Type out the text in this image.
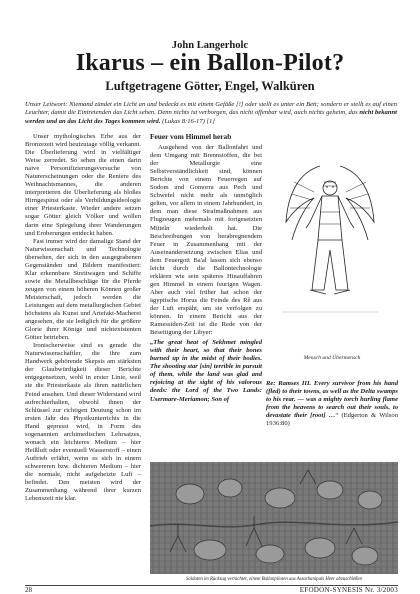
John Langerholc
Ikarus – ein Ballon-Pilot?
Luftgetragene Götter, Engel, Walküren
Unser Leitwort: Niemand zündet ein Licht an und bedeckt es mit einem Gefäße [!] oder stellt es unter ein Bett; sondern er stellt es auf einen Leuchter, damit die Eintretenden das Licht sehen. Denn nichts ist verborgen, das nicht offenbar wird, auch nichts geheim, das nicht bekannt werden und an das Licht des Tages kommen wird. (Lukas 8:16-17) [1]

Unser mythologisches Erbe aus der Bronzezeit wird heutzutage völlig verkannt. Die Überlieferung wird in vielfältiger Weise zerredet. So sehen die einen darin naive Personifizierungsversuche von Naturerscheinungen oder die Reniere des Weihnachtsmannes, die anderen interpretieren die Überlieferung als bloßes Hirngespinst oder als Verbildungsideologie einer Priesterkaste. Wieder andere setzen sogar Götter gleich Völker und wollen darin eine Spiegelung ihrer Wanderungen und Eroberungen entdeckt haben.

Fast immer wird der damalige Stand der Naturwissenschaft und Technologie übersehen, der sich in den ausgegrabenen Gegenständen und Bildern manifestiert: Klar erkennbare Streitwagen und Schiffe sowie die Metallbeschläge für die Pferde zeugen von einem höheren Können großer Meisterschaft, jedoch werden die Leistungen auf dem metallurgischen Gebiet höchstens als Kunst und Artefakt-Macherei angesehen, die sie lediglich für die größere Glorie ihrer Könige und nichtexistenten Götter betrieben.

Ironischerweise sind es gerade die Naturwissenschaftler, die ihre zum Handwerk gehörende Skepsis am stärksten der Glaubwürdigkeit dieser Berichte entgegensetzen, wohl in erster Linie, weil sie die Priesterkaste als ihren natürlichen Feind ansehen. Und dieser Widerstand wird aufrechterhalten, obwohl ihnen der Schlüssel zur richtigen Deutung schon im ersten Jahr des Physikunterrichts in die Hand gepresst wird, in Form des sogenannten archimedischen Lehrsatzes, wonach ein leichteres Medium – hier Heißluft oder eventuell Wasserstoff – einen Auftrieb erfährt, wenn es sich in einem schwereren bzw. dichteren Medium – hier die normale, nicht aufgeheizte Luft – befindet. Den meisten wird der Zusammenhang während ihrer kurzen Lebenszeit nie klar.

Feuer vom Himmel herab

Ausgehend von der Ballonfahrt und dem Umgang mit Brennstoffen, die bei der Metallurgie eine Selbstverständlichkeit sind, können Berichte von einem Feuerregen auf Sodom und Gomorra aus Pech und Schwefel nicht mehr als unmöglich gelten, vor allem in einem Jahrhundert, in dem man diese Strafmaßnahmen aus Flugzeugen mehrmals mit fortgesetzten Mitteln wiederholt hat. Die Beschreibungen von herabregnendem Feuer in Zusammenhang mit der Auseinandersetzung zwischen Elias und dem Feuergott Ba'al lassen sich ebenso leicht durch die Ballontechnologie erklären wie sein späteres Hinauffahren gen Himmel in einem feurigen Wagen. Aber auch viel früher hat schon der ägyptische Horus die Feinde des Rê aus der Luft erspäht, um sie verfolgen zu können. In einem Bericht aus der Ramessiden-Zeit ist die Rede von der Beseitigung der Libyer:

„The great heat of Sekhmet mingled with their heart, so that their bones burned up in the midst of their bodies. The shooting star [sin] terrible in pursuit of them, while the land was glad and rejoicing at the sight of his valorous deeds: the Lord of the Two Lands: Usermare-Meriamon; Son of

Mensch und Übermensch

Re: Ramses III. Every survivor from his hand (fled) to their towns, as well as the Delta swamps to his rear. — was a mighty torch hurling flame from the heavens to search out their souls, to devastate their [root] …“ (Edgerton & Wilson 1936:80)

Soldaten im Rückzug vernichtet, einem Ballonpiloten aus Assurbanipals Heer abzuschießen
28	EFODON-SYNESIS Nr. 3/2003
